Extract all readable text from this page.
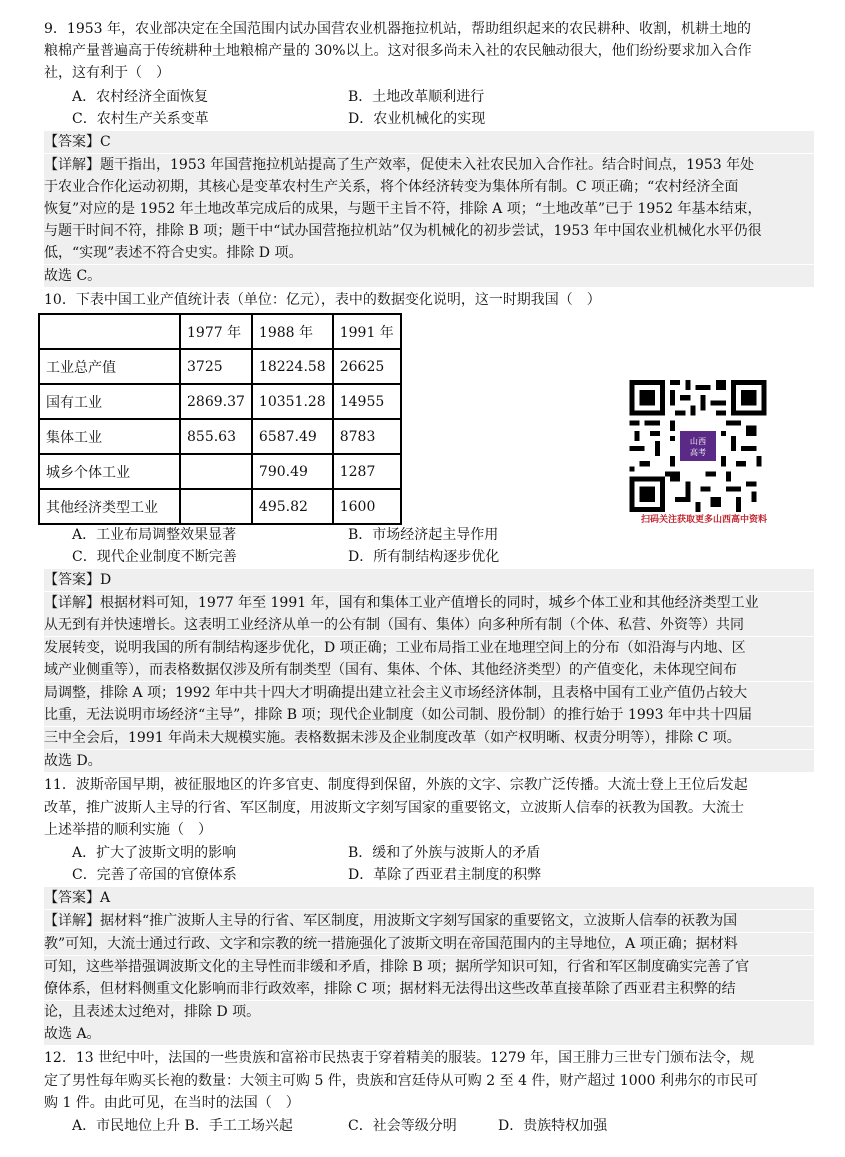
9．1953 年，农业部决定在全国范围内试办国营农业机器拖拉机站，帮助组织起来的农民耕种、收割，机耕土地的
粮棉产量普遍高于传统耕种土地粮棉产量的 30%以上。这对很多尚未入社的农民触动很大，他们纷纷要求加入合作
社，这有利于（　）
A．农村经济全面恢复	B．土地改革顺利进行
C．农村生产关系变革	D．农业机械化的实现
【答案】C
【详解】题干指出，1953 年国营拖拉机站提高了生产效率，促使未入社农民加入合作社。结合时间点，1953 年处
于农业合作化运动初期，其核心是变革农村生产关系，将个体经济转变为集体所有制。C 项正确；“农村经济全面
恢复”对应的是 1952 年土地改革完成后的成果，与题干主旨不符，排除 A 项；“土地改革”已于 1952 年基本结束，
与题干时间不符，排除 B 项；题干中“试办国营拖拉机站”仅为机械化的初步尝试，1953 年中国农业机械化水平仍很
低，“实现”表述不符合史实。排除 D 项。
故选 C。
10．下表中国工业产值统计表（单位：亿元），表中的数据变化说明，这一时期我国（　）
	1977 年	1988 年	1991 年
工业总产值	3725	18224.58	26625
国有工业	2869.37	10351.28	14955
集体工业	855.63	6587.49	8783
城乡个体工业		790.49	1287
其他经济类型工业		495.82	1600
山西
高考
扫码关注获取更多山西高中资料
A．工业布局调整效果显著	B．市场经济起主导作用
C．现代企业制度不断完善	D．所有制结构逐步优化
【答案】D
【详解】根据材料可知，1977 年至 1991 年，国有和集体工业产值增长的同时，城乡个体工业和其他经济类型工业
从无到有并快速增长。这表明工业经济从单一的公有制（国有、集体）向多种所有制（个体、私营、外资等）共同
发展转变，说明我国的所有制结构逐步优化，D 项正确；工业布局指工业在地理空间上的分布（如沿海与内地、区
域产业侧重等），而表格数据仅涉及所有制类型（国有、集体、个体、其他经济类型）的产值变化，未体现空间布
局调整，排除 A 项；1992 年中共十四大才明确提出建立社会主义市场经济体制，且表格中国有工业产值仍占较大
比重，无法说明市场经济“主导”，排除 B 项；现代企业制度（如公司制、股份制）的推行始于 1993 年中共十四届
三中全会后，1991 年尚未大规模实施。表格数据未涉及企业制度改革（如产权明晰、权责分明等），排除 C 项。
故选 D。
11．波斯帝国早期，被征服地区的许多官吏、制度得到保留，外族的文字、宗教广泛传播。大流士登上王位后发起
改革，推广波斯人主导的行省、军区制度，用波斯文字刻写国家的重要铭文，立波斯人信奉的祆教为国教。大流士
上述举措的顺利实施（　）
A．扩大了波斯文明的影响	B．缓和了外族与波斯人的矛盾
C．完善了帝国的官僚体系	D．革除了西亚君主制度的积弊
【答案】A
【详解】据材料“推广波斯人主导的行省、军区制度，用波斯文字刻写国家的重要铭文，立波斯人信奉的祆教为国
教”可知，大流士通过行政、文字和宗教的统一措施强化了波斯文明在帝国范围内的主导地位，A 项正确；据材料
可知，这些举措强调波斯文化的主导性而非缓和矛盾，排除 B 项；据所学知识可知，行省和军区制度确实完善了官
僚体系，但材料侧重文化影响而非行政效率，排除 C 项；据材料无法得出这些改革直接革除了西亚君主积弊的结
论，且表述太过绝对，排除 D 项。
故选 A。
12．13 世纪中叶，法国的一些贵族和富裕市民热衷于穿着精美的服装。1279 年，国王腓力三世专门颁布法令，规
定了男性每年购买长袍的数量：大领主可购 5 件，贵族和宫廷侍从可购 2 至 4 件，财产超过 1000 利弗尔的市民可
购 1 件。由此可见，在当时的法国（　）
A．市民地位上升 B．手工工场兴起	C．社会等级分明	D．贵族特权加强
